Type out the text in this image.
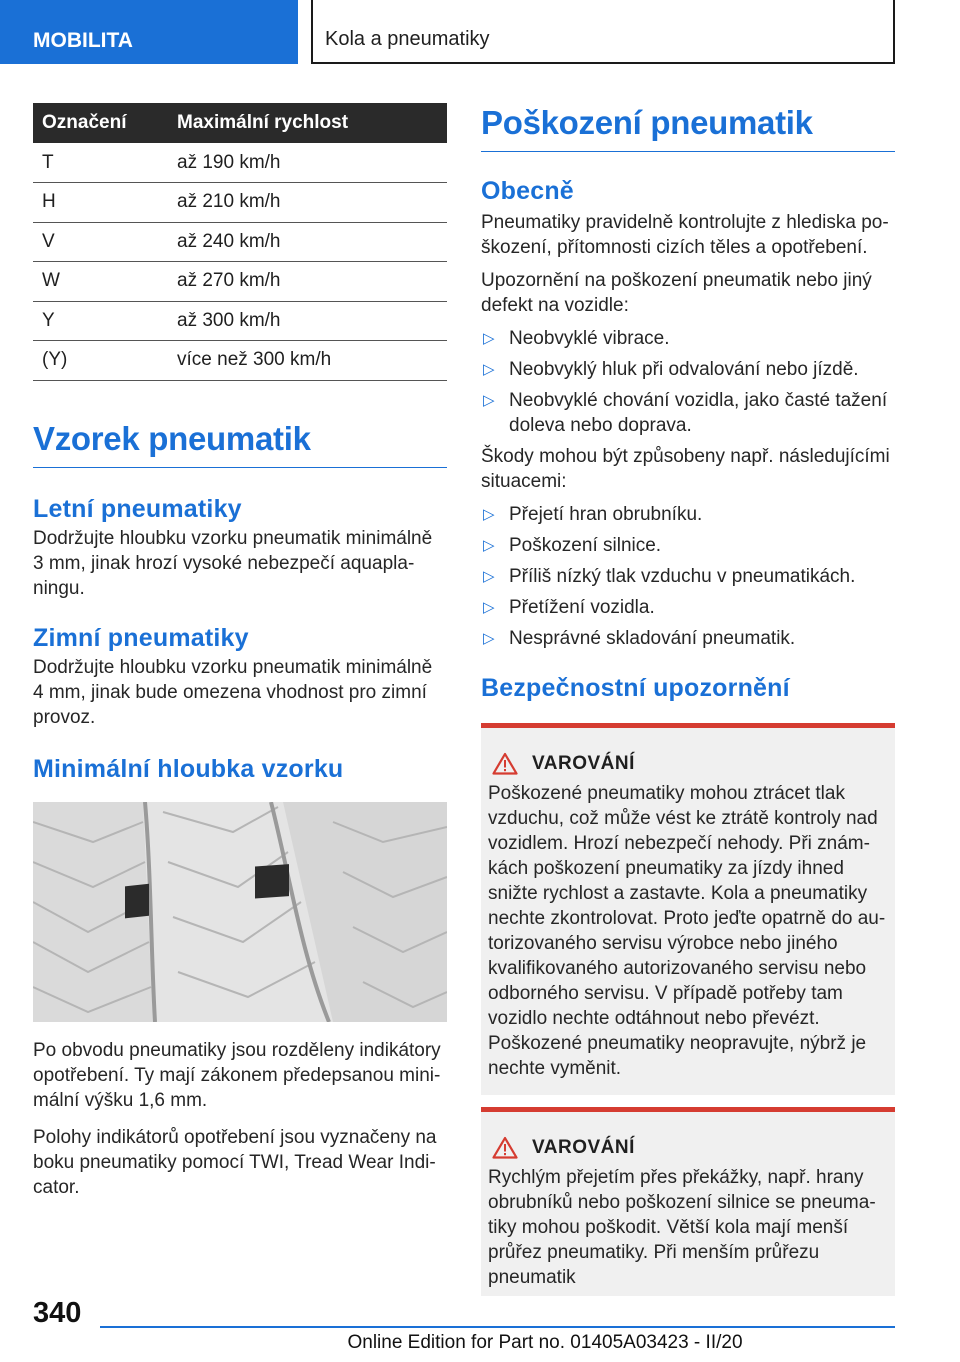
MOBILITA	Kola a pneumatiky
Označení	Maximální rychlost
T	až 190 km/h
H	až 210 km/h
V	až 240 km/h
W	až 270 km/h
Y	až 300 km/h
(Y)	více než 300 km/h
Vzorek pneumatik
Letní pneumatiky
Dodržujte hloubku vzorku pneumatik minimálně 3 mm, jinak hrozí vysoké nebezpečí aquaplaningu.
Zimní pneumatiky
Dodržujte hloubku vzorku pneumatik minimálně 4 mm, jinak bude omezena vhodnost pro zimní provoz.
Minimální hloubka vzorku
Po obvodu pneumatiky jsou rozděleny indikátory opotřebení. Ty mají zákonem předepsanou minimální výšku 1,6 mm.
Polohy indikátorů opotřebení jsou vyznačeny na boku pneumatiky pomocí TWI, Tread Wear Indicator.
Poškození pneumatik
Obecně
Pneumatiky pravidelně kontrolujte z hlediska poškození, přítomnosti cizích těles a opotřebení.
Upozornění na poškození pneumatik nebo jiný defekt na vozidle:
▷ Neobvyklé vibrace.
▷ Neobvyklý hluk při odvalování nebo jízdě.
▷ Neobvyklé chování vozidla, jako časté tažení doleva nebo doprava.
Škody mohou být způsobeny např. následujícími situacemi:
▷ Přejetí hran obrubníku.
▷ Poškození silnice.
▷ Příliš nízký tlak vzduchu v pneumatikách.
▷ Přetížení vozidla.
▷ Nesprávné skladování pneumatik.
Bezpečnostní upozornění
VAROVÁNÍ
Poškozené pneumatiky mohou ztrácet tlak vzduchu, což může vést ke ztrátě kontroly nad vozidlem. Hrozí nebezpečí nehody. Při známkách poškození pneumatiky za jízdy ihned snižte rychlost a zastavte. Kola a pneumatiky nechte zkontrolovat. Proto jeďte opatrně do autorizovaného servisu výrobce nebo jiného kvalifikovaného autorizovaného servisu nebo odborného servisu. V případě potřeby tam vozidlo nechte odtáhnout nebo převézt. Poškozené pneumatiky neopravujte, nýbrž je nechte vyměnit.
VAROVÁNÍ
Rychlým přejetím přes překážky, např. hrany obrubníků nebo poškození silnice se pneumatiky mohou poškodit. Větší kola mají menší průřez pneumatiky. Při menším průřezu pneumatik
340
Online Edition for Part no. 01405A03423 - II/20
